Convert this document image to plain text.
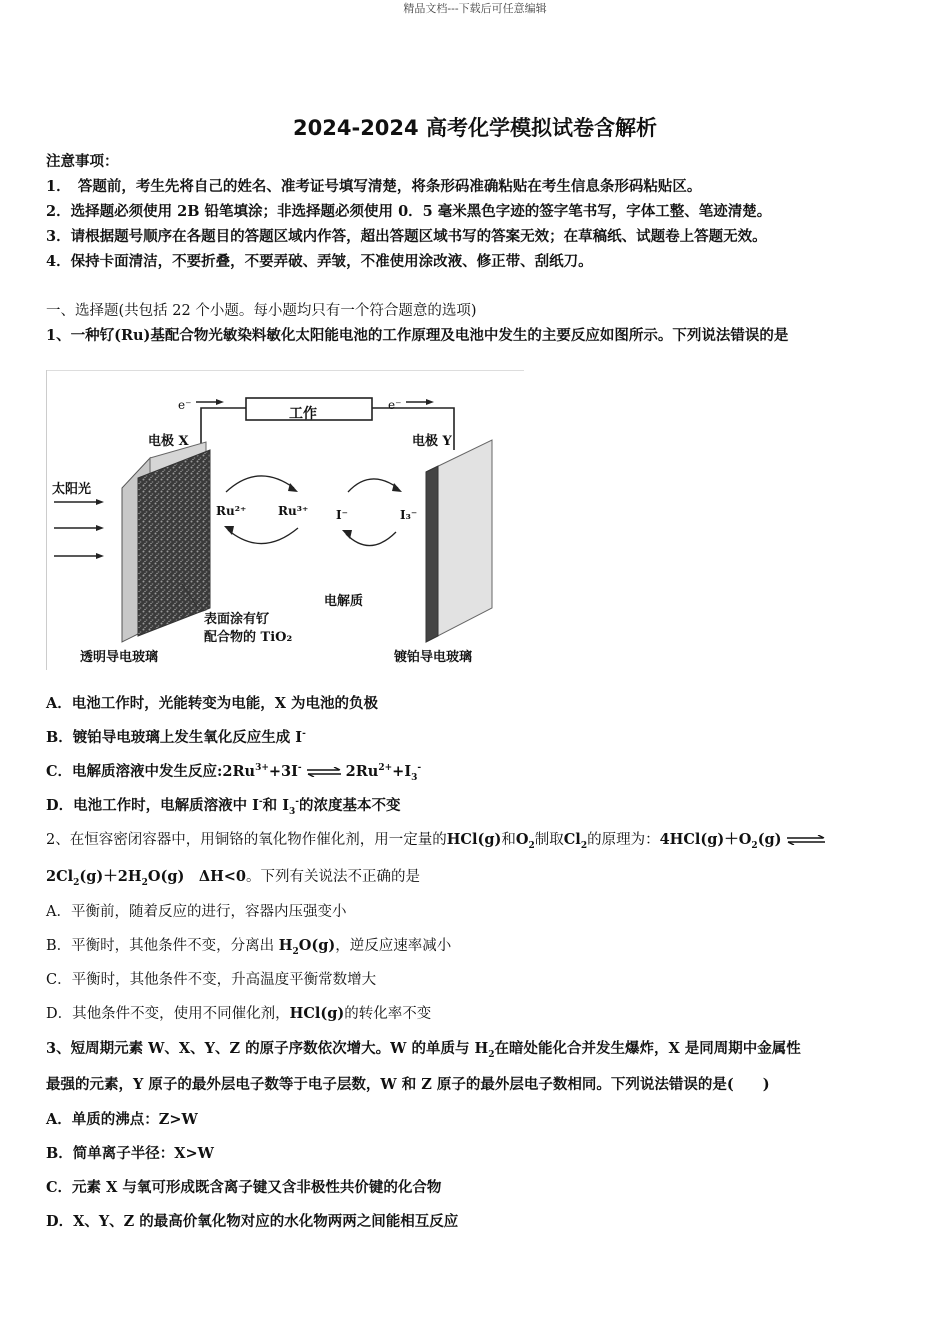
精品文档---下载后可任意编辑
2024-2024 高考化学模拟试卷含解析
注意事项：
1．　答题前，考生先将自己的姓名、准考证号填写清楚，将条形码准确粘贴在考生信息条形码粘贴区。
2．选择题必须使用 2B 铅笔填涂；非选择题必须使用 0．5 毫米黑色字迹的签字笔书写，字体工整、笔迹清楚。
3．请根据题号顺序在各题目的答题区域内作答，超出答题区域书写的答案无效；在草稿纸、试题卷上答题无效。
4．保持卡面清洁，不要折叠，不要弄破、弄皱，不准使用涂改液、修正带、刮纸刀。
一、选择题(共包括 22 个小题。每小题均只有一个符合题意的选项)
1、一种钌(Ru)基配合物光敏染料敏化太阳能电池的工作原理及电池中发生的主要反应如图所示。下列说法错误的是
e⁻	e⁻
工作
电极 X	电极 Y
太阳光
Ru²⁺	Ru³⁺ I⁻	I₃⁻
电解质
表面涂有钌
配合物的 TiO₂
透明导电玻璃	镀铂导电玻璃
A．电池工作时，光能转变为电能，X 为电池的负极
B．镀铂导电玻璃上发生氧化反应生成 I-
C．电解质溶液中发生反应$:2Ru^{3+}+3I^-$ ⇌ $2Ru^{2+}+I_3^-$
D．电池工作时，电解质溶液中 I-和 $I_3^-$的浓度基本不变
2、在恒容密闭容器中，用铜铬的氧化物作催化剂，用一定量的HCl(g)和$O_2$制取$Cl_2$的原理为：$4HCl(g)+O_2(g)$ ⇌
$2Cl_2(g)+2H_2O(g)$　ΔH<0。下列有关说法不正确的是
A．平衡前，随着反应的进行，容器内压强变小
B．平衡时，其他条件不变，分离出 $H_2O(g)$，逆反应速率减小
C．平衡时，其他条件不变，升高温度平衡常数增大
D．其他条件不变，使用不同催化剂，HCl(g)的转化率不变
3、短周期元素 W、X、Y、Z 的原子序数依次增大。W 的单质与 $H_2$在暗处能化合并发生爆炸，X 是同周期中金属性
最强的元素，Y 原子的最外层电子数等于电子层数，W 和 Z 原子的最外层电子数相同。下列说法错误的是(　　)
A．单质的沸点：Z>W
B．简单离子半径：X>W
C．元素 X 与氧可形成既含离子键又含非极性共价键的化合物
D．X、Y、Z 的最高价氧化物对应的水化物两两之间能相互反应
